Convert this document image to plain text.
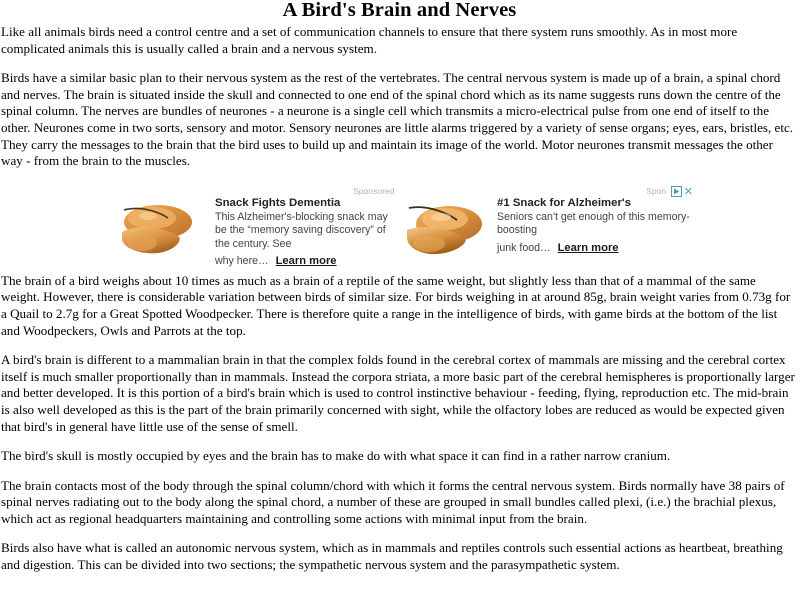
A Bird's Brain and Nerves

Like all animals birds need a control centre and a set of communication channels to ensure that there system runs smoothly. As in most more complicated animals this is usually called a brain and a nervous system.

Birds have a similar basic plan to their nervous system as the rest of the vertebrates. The central nervous system is made up of a brain, a spinal chord and nerves. The brain is situated inside the skull and connected to one end of the spinal chord which as its name suggests runs down the centre of the spinal column. The nerves are bundles of neurones - a neurone is a single cell which transmits a micro-electrical pulse from one end of itself to the other. Neurones come in two sorts, sensory and motor. Sensory neurones are little alarms triggered by a variety of sense organs; eyes, ears, bristles, etc. They carry the messages to the brain that the bird uses to build up and maintain its image of the world. Motor neurones transmit messages the other way - from the brain to the muscles.

Sponsored
Snack Fights Dementia
This Alzheimer's-blocking snack may be the “memory saving discovery” of the century. See
why here… Learn more
Spon ✕
#1 Snack for Alzheimer's
Seniors can't get enough of this memory-boosting
junk food… Learn more

The brain of a bird weighs about 10 times as much as a brain of a reptile of the same weight, but slightly less than that of a mammal of the same weight. However, there is considerable variation between birds of similar size. For birds weighing in at around 85g, brain weight varies from 0.73g for a Quail to 2.7g for a Great Spotted Woodpecker. There is therefore quite a range in the intelligence of birds, with game birds at the bottom of the list and Woodpeckers, Owls and Parrots at the top.

A bird's brain is different to a mammalian brain in that the complex folds found in the cerebral cortex of mammals are missing and the cerebral cortex itself is much smaller proportionally than in mammals. Instead the corpora striata, a more basic part of the cerebral hemispheres is proportionally larger and better developed. It is this portion of a bird's brain which is used to control instinctive behaviour - feeding, flying, reproduction etc. The mid-brain is also well developed as this is the part of the brain primarily concerned with sight, while the olfactory lobes are reduced as would be expected given that bird's in general have little use of the sense of smell.

The bird's skull is mostly occupied by eyes and the brain has to make do with what space it can find in a rather narrow cranium.

The brain contacts most of the body through the spinal column/chord with which it forms the central nervous system. Birds normally have 38 pairs of spinal nerves radiating out to the body along the spinal chord, a number of these are grouped in small bundles called plexi, (i.e.) the brachial plexus, which act as regional headquarters maintaining and controlling some actions with minimal input from the brain.

Birds also have what is called an autonomic nervous system, which as in mammals and reptiles controls such essential actions as heartbeat, breathing and digestion. This can be divided into two sections; the sympathetic nervous system and the parasympathetic system.
